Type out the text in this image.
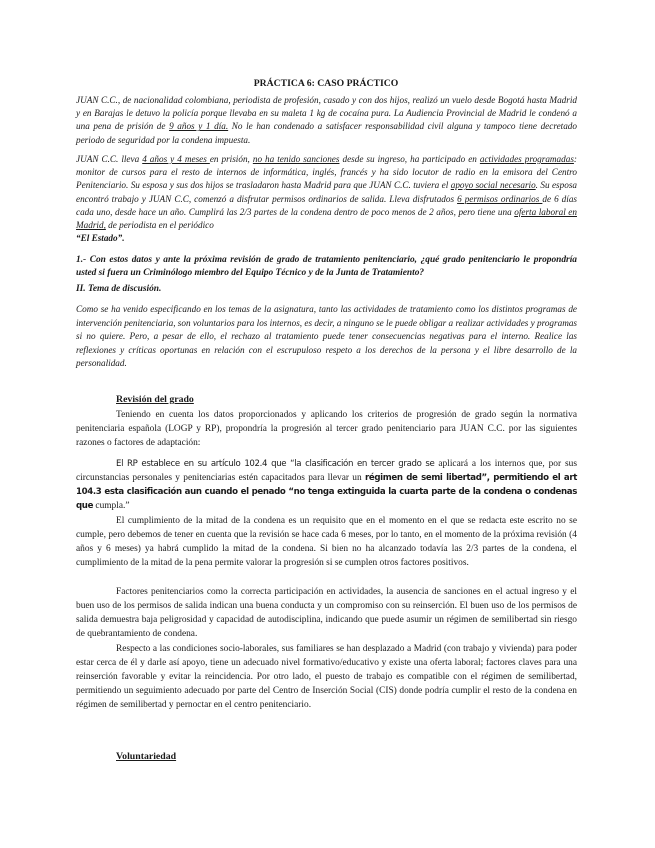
PRÁCTICA 6: CASO PRÁCTICO

JUAN C.C., de nacionalidad colombiana, periodista de profesión, casado y con dos hijos, realizó un vuelo desde Bogotá hasta Madrid y en Barajas le detuvo la policía porque llevaba en su maleta 1 kg de cocaína pura. La Audiencia Provincial de Madrid le condenó a una pena de prisión de 9 años y 1 día. No le han condenado a satisfacer responsabilidad civil alguna y tampoco tiene decretado periodo de seguridad por la condena impuesta.

JUAN C.C. lleva 4 años y 4 meses en prisión, no ha tenido sanciones desde su ingreso, ha participado en actividades programadas: monitor de cursos para el resto de internos de informática, inglés, francés y ha sido locutor de radio en la emisora del Centro Penitenciario. Su esposa y sus dos hijos se trasladaron hasta Madrid para que JUAN C.C. tuviera el apoyo social necesario. Su esposa encontró trabajo y JUAN C.C, comenzó a disfrutar permisos ordinarios de salida. Lleva disfrutados 6 permisos ordinarios de 6 días cada uno, desde hace un año. Cumplirá las 2/3 partes de la condena dentro de poco menos de 2 años, pero tiene una oferta laboral en Madrid, de periodista en el periódico
“El Estado”.

1.- Con estos datos y ante la próxima revisión de grado de tratamiento penitenciario, ¿qué grado penitenciario le propondría usted si fuera un Criminólogo miembro del Equipo Técnico y de la Junta de Tratamiento?

II. Tema de discusión.

Como se ha venido especificando en los temas de la asignatura, tanto las actividades de tratamiento como los distintos programas de intervención penitenciaria, son voluntarios para los internos, es decir, a ninguno se le puede obligar a realizar actividades y programas si no quiere. Pero, a pesar de ello, el rechazo al tratamiento puede tener consecuencias negativas para el interno. Realice las reflexiones y críticas oportunas en relación con el escrupuloso respeto a los derechos de la persona y el libre desarrollo de la personalidad.

Revisión del grado

Teniendo en cuenta los datos proporcionados y aplicando los criterios de progresión de grado según la normativa penitenciaria española (LOGP y RP), propondría la progresión al tercer grado penitenciario para JUAN C.C. por las siguientes razones o factores de adaptación:

El RP establece en su artículo 102.4 que “la clasificación en tercer grado se aplicará a los internos que, por sus circunstancias personales y penitenciarias estén capacitados para llevar un régimen de semi libertad”, permitiendo el art 104.3 esta clasificación aun cuando el penado “no tenga extinguida la cuarta parte de la condena o condenas que cumpla.”

El cumplimiento de la mitad de la condena es un requisito que en el momento en el que se redacta este escrito no se cumple, pero debemos de tener en cuenta que la revisión se hace cada 6 meses, por lo tanto, en el momento de la próxima revisión (4 años y 6 meses) ya habrá cumplido la mitad de la condena. Si bien no ha alcanzado todavía las 2/3 partes de la condena, el cumplimiento de la mitad de la pena permite valorar la progresión si se cumplen otros factores positivos.

Factores penitenciarios como la correcta participación en actividades, la ausencia de sanciones en el actual ingreso y el buen uso de los permisos de salida indican una buena conducta y un compromiso con su reinserción. El buen uso de los permisos de salida demuestra baja peligrosidad y capacidad de autodisciplina, indicando que puede asumir un régimen de semilibertad sin riesgo de quebrantamiento de condena.

Respecto a las condiciones socio-laborales, sus familiares se han desplazado a Madrid (con trabajo y vivienda) para poder estar cerca de él y darle así apoyo, tiene un adecuado nivel formativo/educativo y existe una oferta laboral; factores claves para una reinserción favorable y evitar la reincidencia. Por otro lado, el puesto de trabajo es compatible con el régimen de semilibertad, permitiendo un seguimiento adecuado por parte del Centro de Inserción Social (CIS) donde podría cumplir el resto de la condena en régimen de semilibertad y pernoctar en el centro penitenciario.

Voluntariedad
